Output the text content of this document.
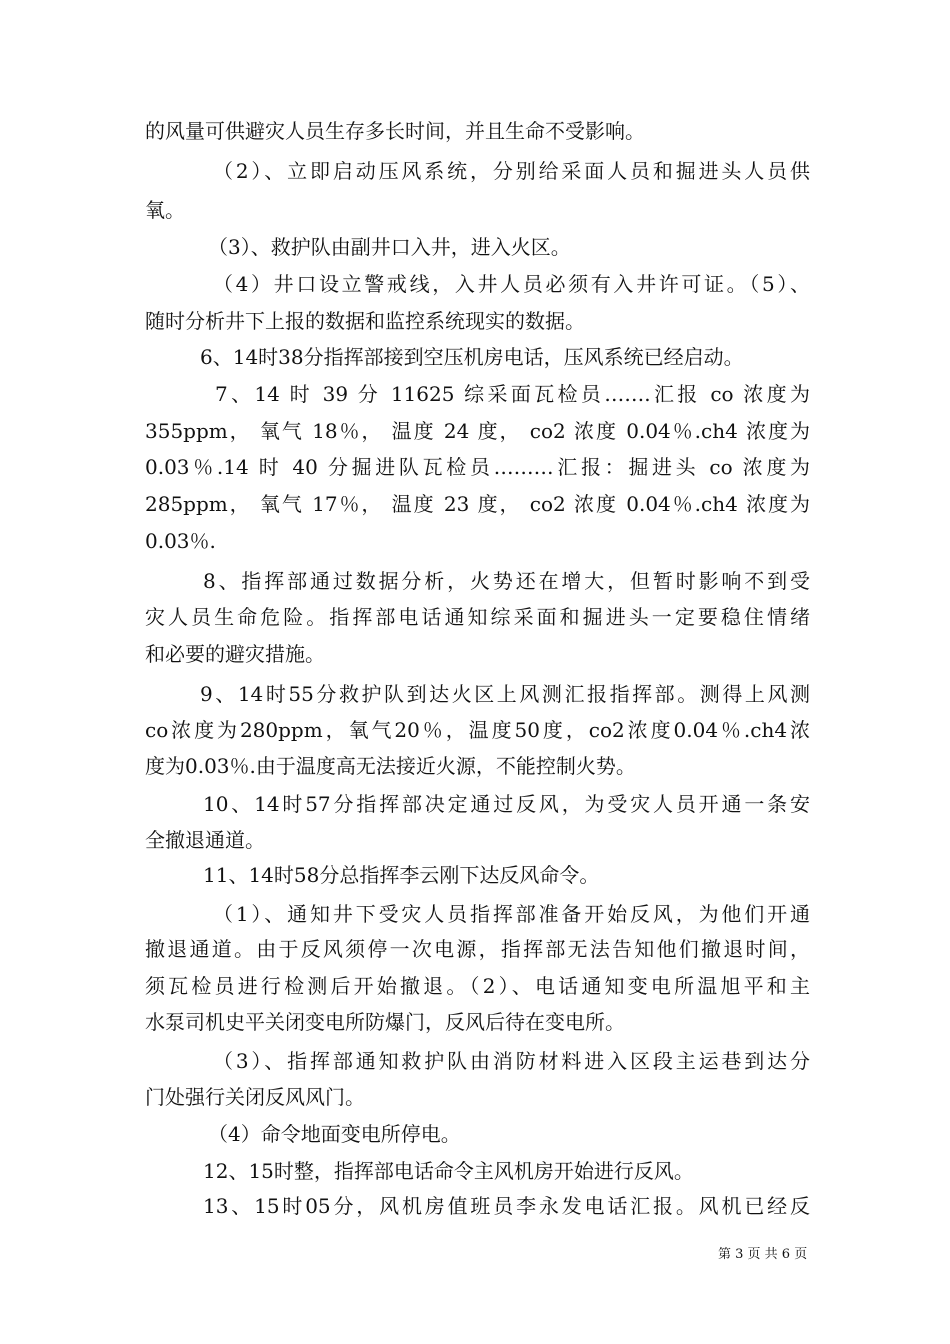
的风量可供避灾人员生存多长时间，并且生命不受影响。

（2）、立即启动压风系统，分别给采面人员和掘进头人员供

氧。

（3）、救护队由副井口入井，进入火区。

（4）井口设立警戒线，入井人员必须有入井许可证。（5）、

随时分析井下上报的数据和监控系统现实的数据。

6、14时38分指挥部接到空压机房电话，压风系统已经启动。

7、14 时 39 分 11625 综采面瓦检员…….汇报 co 浓度为

355ppm， 氧气 18％， 温度 24 度， co2 浓度 0.04％.ch4 浓度为

0.03％.14 时 40 分掘进队瓦检员………汇报：掘进头 co 浓度为

285ppm， 氧气 17％， 温度 23 度， co2 浓度 0.04％.ch4 浓度为

0.03％.

8、指挥部通过数据分析，火势还在增大，但暂时影响不到受

灾人员生命危险。指挥部电话通知综采面和掘进头一定要稳住情绪

和必要的避灾措施。

9、14时55分救护队到达火区上风测汇报指挥部。测得上风测

co浓度为280ppm，氧气20％，温度50度，co2浓度0.04％.ch4浓

度为0.03％.由于温度高无法接近火源，不能控制火势。

10、14时57分指挥部决定通过反风，为受灾人员开通一条安

全撤退通道。

11、14时58分总指挥李云刚下达反风命令。

（1）、通知井下受灾人员指挥部准备开始反风，为他们开通

撤退通道。由于反风须停一次电源，指挥部无法告知他们撤退时间，

须瓦检员进行检测后开始撤退。（2）、电话通知变电所温旭平和主

水泵司机史平关闭变电所防爆门，反风后待在变电所。

（3）、指挥部通知救护队由消防材料进入区段主运巷到达分

门处强行关闭反风风门。

（4）命令地面变电所停电。

12、15时整，指挥部电话命令主风机房开始进行反风。

13、15时05分，风机房值班员李永发电话汇报。风机已经反

第 3 页 共 6 页
